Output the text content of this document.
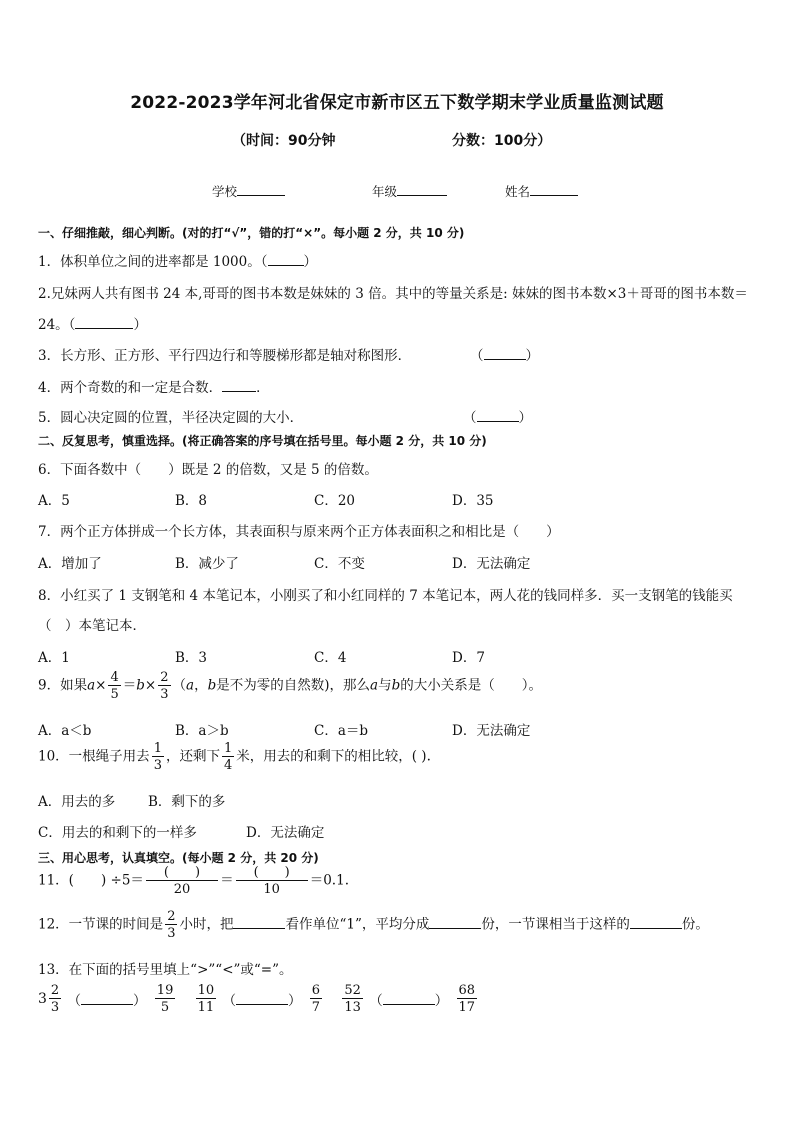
2022-2023学年河北省保定市新市区五下数学期末学业质量监测试题
（时间：90分钟	分数：100分）
学校	年级	姓名
一、仔细推敲，细心判断。(对的打“√”，错的打“×”。每小题 2 分，共 10 分)
1．体积单位之间的进率都是 1000。（	）
2.兄妹两人共有图书 24 本,哥哥的图书本数是妹妹的 3 倍。其中的等量关系是: 妹妹的图书本数×3＋哥哥的图书本数＝
24。（	）
3．长方形、正方形、平行四边行和等腰梯形都是轴对称图形．	（	）
4．两个奇数的和一定是合数．	．
5．圆心决定圆的位置，半径决定圆的大小．	（	）
二、反复思考，慎重选择。(将正确答案的序号填在括号里。每小题 2 分，共 10 分)
6．下面各数中（　　）既是 2 的倍数，又是 5 的倍数。
A．5	B．8	C．20	D．35
7．两个正方体拼成一个长方体，其表面积与原来两个正方体表面积之和相比是（　　）
A．增加了	B．减少了	C．不变	D．无法确定
8．小红买了 1 支钢笔和 4 本笔记本，小刚买了和小红同样的 7 本笔记本，两人花的钱同样多．买一支钢笔的钱能买
（　）本笔记本．
A．1	B．3	C．4	D．7
9．如果$a\times \frac{4}{5} =b\times \frac{2}{3} (a$，b是不为零的自然数)，那么a与b的大小关系是（　　）。
A．a＜b	B．a＞b	C．a＝b	D．无法确定
10．一根绳子用去 $\frac{1}{3}$ ，还剩下 $\frac{1}{4}$ 米，用去的和剩下的相比较，( ).
A．用去的多 B．剩下的多
C．用去的和剩下的一样多	D．无法确定
三、用心思考，认真填空。(每小题 2 分，共 20 分)
11．(　　) $\div 5= \frac{( )}{20} = \frac{( )}{10} =0.1$.
12．一节课的时间是 $\frac{2}{3}$ 小时，把	看作单位“1”，平均分成	份，一节课相当于这样的	份。
13．在下面的括号里填上“>”“<”或“=”。
$3 \frac{2}{3}$ （	） $\frac{19}{5}$
$\frac{10}{11}$ （	） $\frac{6}{7}$
$\frac{52}{13}$ （	） $\frac{68}{17}$
